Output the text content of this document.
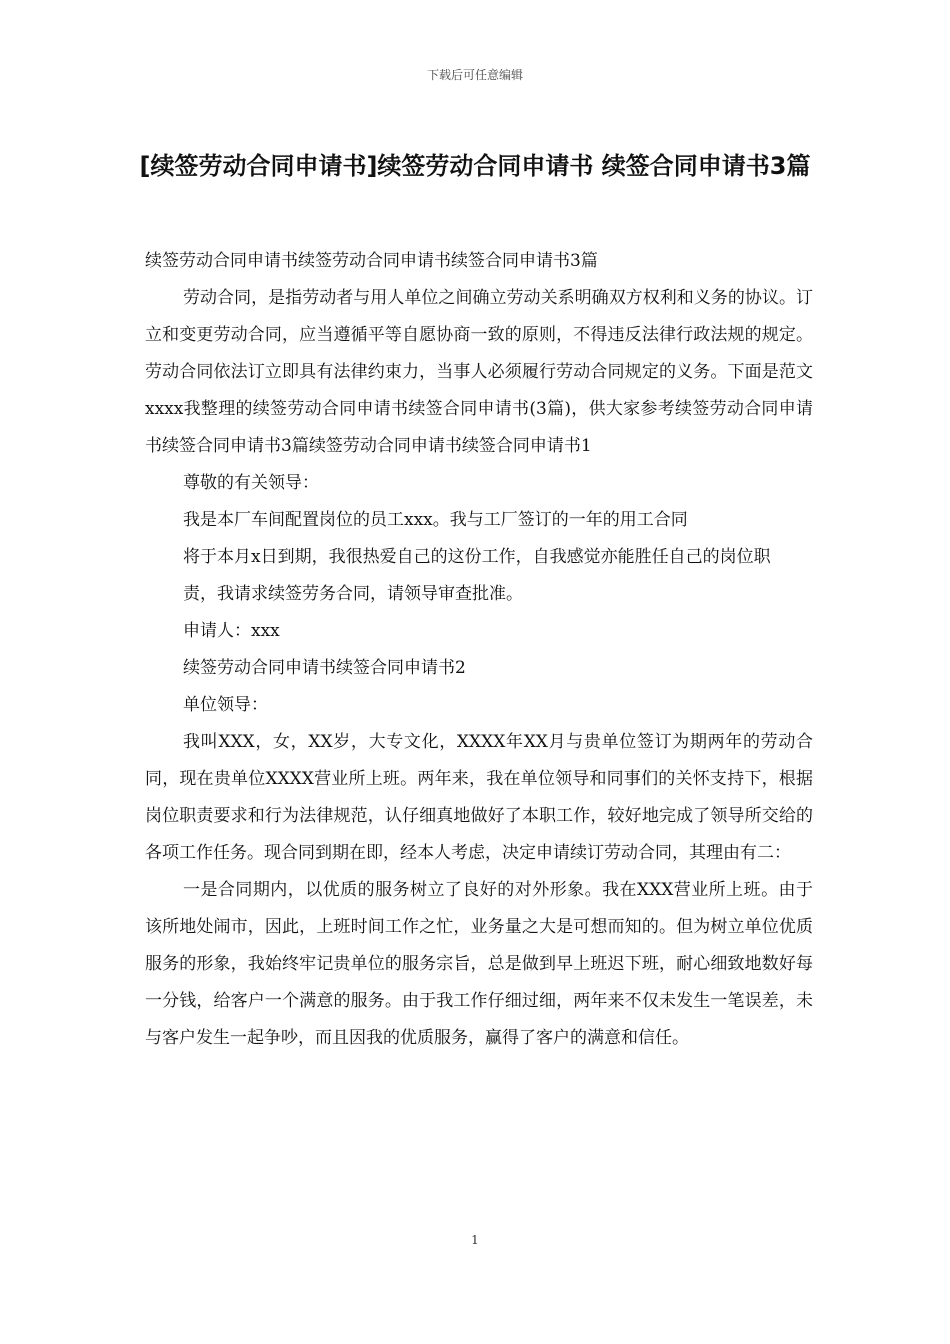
下载后可任意编辑
[续签劳动合同申请书]续签劳动合同申请书 续签合同申请书3篇

续签劳动合同申请书续签劳动合同申请书续签合同申请书3篇

劳动合同，是指劳动者与用人单位之间确立劳动关系明确双方权利和义务的协议。订立和变更劳动合同，应当遵循平等自愿协商一致的原则，不得违反法律行政法规的规定。劳动合同依法订立即具有法律约束力，当事人必须履行劳动合同规定的义务。下面是范文xxxx我整理的续签劳动合同申请书续签合同申请书(3篇)，供大家参考续签劳动合同申请书续签合同申请书3篇续签劳动合同申请书续签合同申请书1

尊敬的有关领导：

我是本厂车间配置岗位的员工xxx。我与工厂签订的一年的用工合同

将于本月x日到期，我很热爱自己的这份工作，自我感觉亦能胜任自己的岗位职

责，我请求续签劳务合同，请领导审查批准。

申请人：xxx

续签劳动合同申请书续签合同申请书2

单位领导：

我叫XXX，女，XX岁，大专文化，XXXX年XX月与贵单位签订为期两年的劳动合同，现在贵单位XXXX营业所上班。两年来，我在单位领导和同事们的关怀支持下，根据岗位职责要求和行为法律规范，认仔细真地做好了本职工作，较好地完成了领导所交给的各项工作任务。现合同到期在即，经本人考虑，决定申请续订劳动合同，其理由有二：

一是合同期内，以优质的服务树立了良好的对外形象。我在XXX营业所上班。由于该所地处闹市，因此，上班时间工作之忙，业务量之大是可想而知的。但为树立单位优质服务的形象，我始终牢记贵单位的服务宗旨，总是做到早上班迟下班，耐心细致地数好每一分钱，给客户一个满意的服务。由于我工作仔细过细，两年来不仅未发生一笔误差，未与客户发生一起争吵，而且因我的优质服务，赢得了客户的满意和信任。

1
